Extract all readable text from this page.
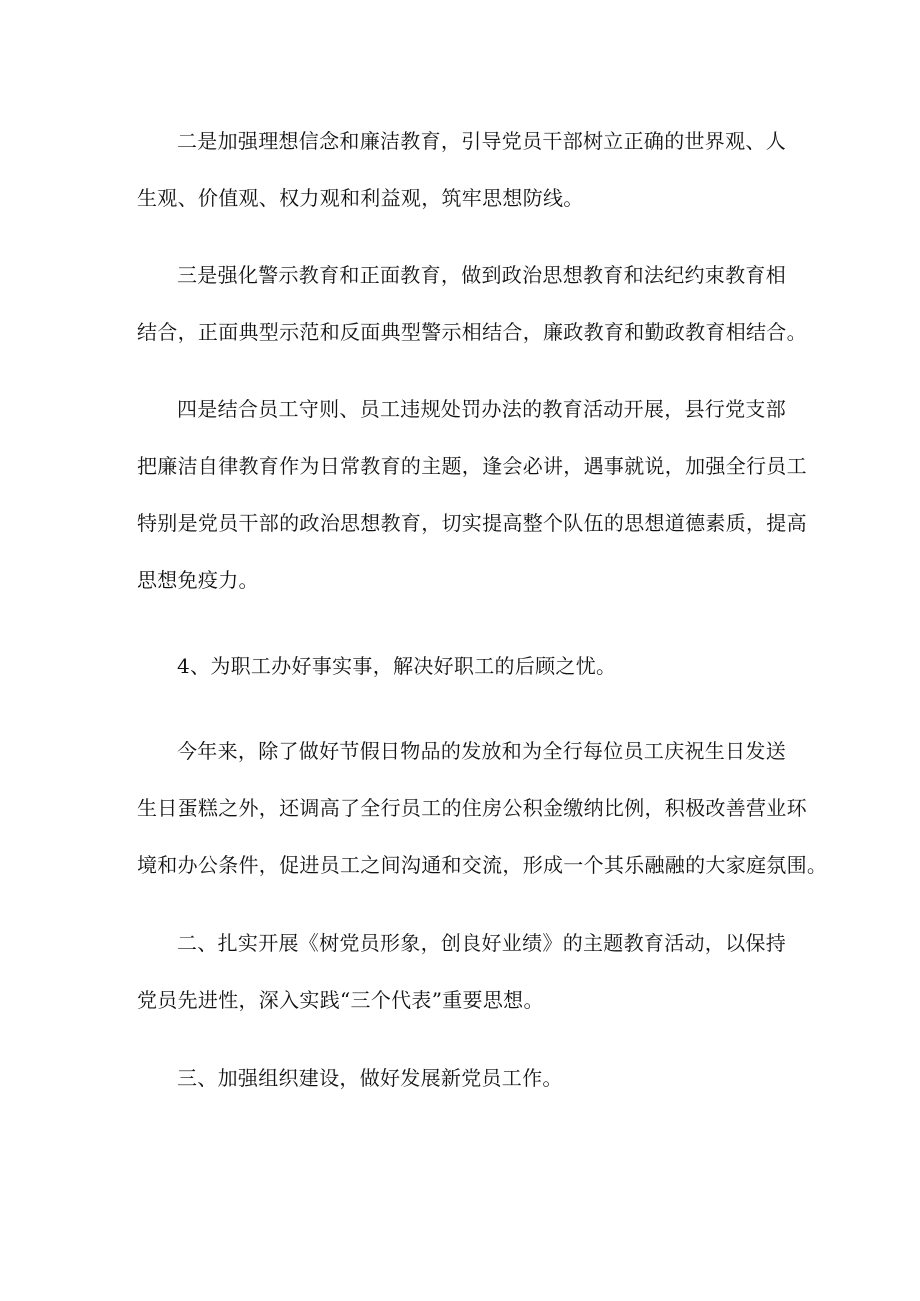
二是加强理想信念和廉洁教育，引导党员干部树立正确的世界观、人
生观、价值观、权力观和利益观，筑牢思想防线。

三是强化警示教育和正面教育，做到政治思想教育和法纪约束教育相
结合，正面典型示范和反面典型警示相结合，廉政教育和勤政教育相结合。

四是结合员工守则、员工违规处罚办法的教育活动开展，县行党支部
把廉洁自律教育作为日常教育的主题，逢会必讲，遇事就说，加强全行员工
特别是党员干部的政治思想教育，切实提高整个队伍的思想道德素质，提高
思想免疫力。

4、为职工办好事实事，解决好职工的后顾之忧。

今年来，除了做好节假日物品的发放和为全行每位员工庆祝生日发送
生日蛋糕之外，还调高了全行员工的住房公积金缴纳比例，积极改善营业环
境和办公条件，促进员工之间沟通和交流，形成一个其乐融融的大家庭氛围。

二、扎实开展《树党员形象，创良好业绩》的主题教育活动，以保持
党员先进性，深入实践“三个代表”重要思想。

三、加强组织建设，做好发展新党员工作。
